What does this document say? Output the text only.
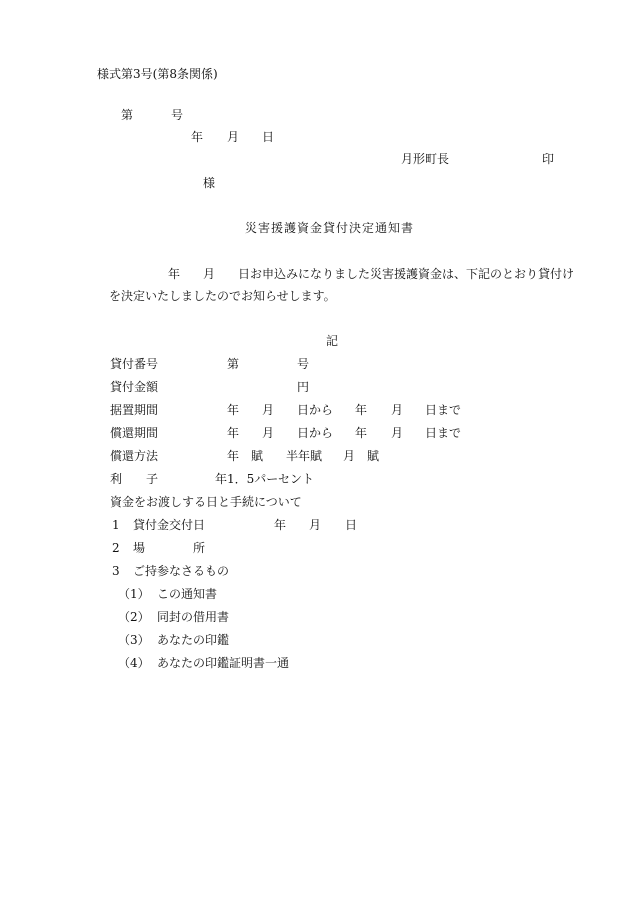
様式第3号(第8条関係)
第	号
年 月 日
月形町長	印
様
災害援護資金貸付決定通知書
年 月 日お申込みになりました災害援護資金は、下記のとおり貸付け
を決定いたしましたのでお知らせします。
記
貸付番号	第	号
貸付金額	円
据置期間	年 月 日から 年 月 日まで
償還期間	年 月 日から 年 月 日まで
償還方法	年　賦 半年賦 月　賦
利　　子	年1．5パーセント
資金をお渡しする日と手続について
1 貸付金交付日	年 月 日
2 場　　　　所
3 ご持参なさるもの
（1） この通知書
（2） 同封の借用書
（3） あなたの印鑑
（4） あなたの印鑑証明書一通
